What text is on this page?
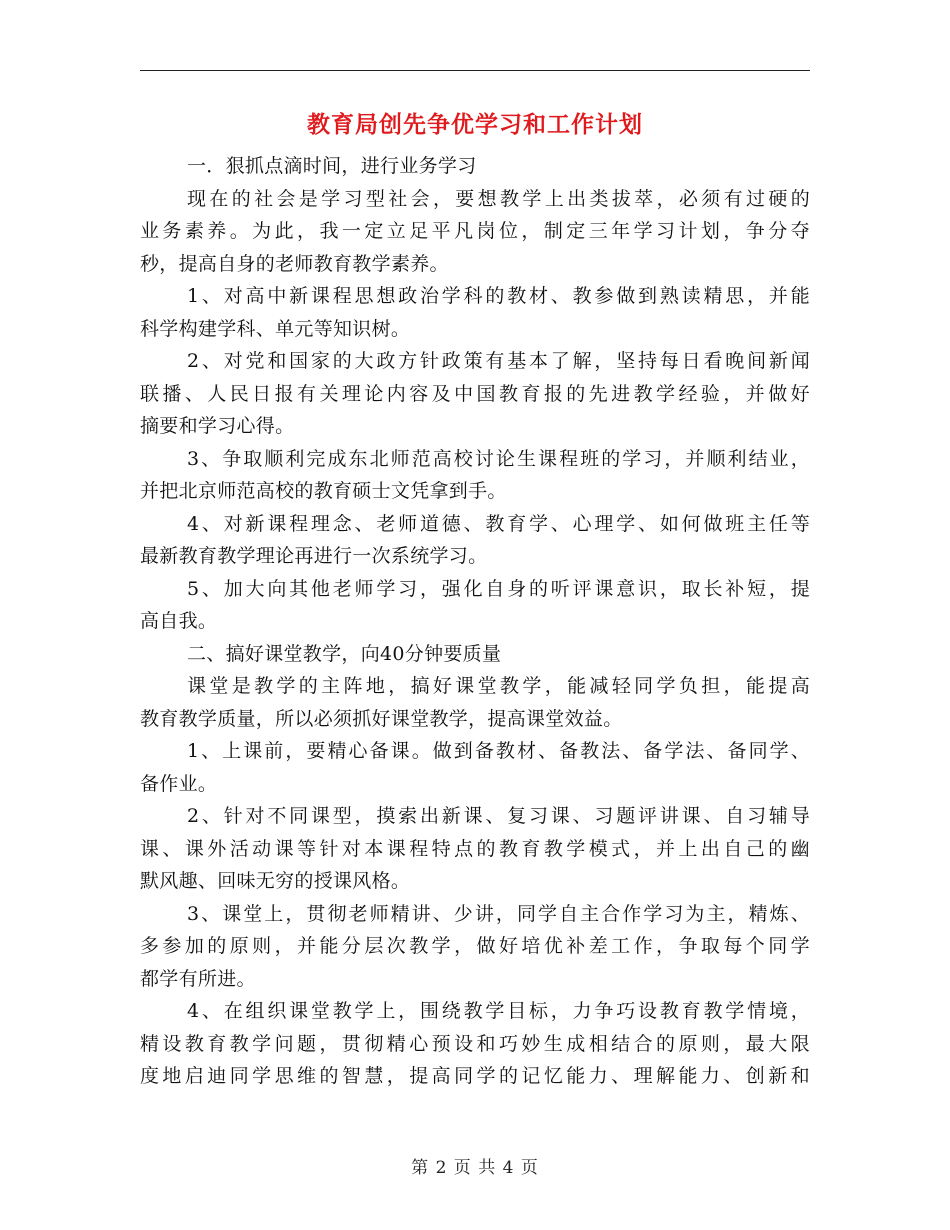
教育局创先争优学习和工作计划
一．狠抓点滴时间，进行业务学习
现在的社会是学习型社会，要想教学上出类拔萃，必须有过硬的
业务素养。为此，我一定立足平凡岗位，制定三年学习计划，争分夺
秒，提高自身的老师教育教学素养。
1、对高中新课程思想政治学科的教材、教参做到熟读精思，并能
科学构建学科、单元等知识树。
2、对党和国家的大政方针政策有基本了解，坚持每日看晚间新闻
联播、人民日报有关理论内容及中国教育报的先进教学经验，并做好
摘要和学习心得。
3、争取顺利完成东北师范高校讨论生课程班的学习，并顺利结业，
并把北京师范高校的教育硕士文凭拿到手。
4、对新课程理念、老师道德、教育学、心理学、如何做班主任等
最新教育教学理论再进行一次系统学习。
5、加大向其他老师学习，强化自身的听评课意识，取长补短，提
高自我。
二、搞好课堂教学，向40分钟要质量
课堂是教学的主阵地，搞好课堂教学，能减轻同学负担，能提高
教育教学质量，所以必须抓好课堂教学，提高课堂效益。
1、上课前，要精心备课。做到备教材、备教法、备学法、备同学、
备作业。
2、针对不同课型，摸索出新课、复习课、习题评讲课、自习辅导
课、课外活动课等针对本课程特点的教育教学模式，并上出自己的幽
默风趣、回味无穷的授课风格。
3、课堂上，贯彻老师精讲、少讲，同学自主合作学习为主，精炼、
多参加的原则，并能分层次教学，做好培优补差工作，争取每个同学
都学有所进。
4、在组织课堂教学上，围绕教学目标，力争巧设教育教学情境，
精设教育教学问题，贯彻精心预设和巧妙生成相结合的原则，最大限
度地启迪同学思维的智慧，提高同学的记忆能力、理解能力、创新和
第 2 页 共 4 页
